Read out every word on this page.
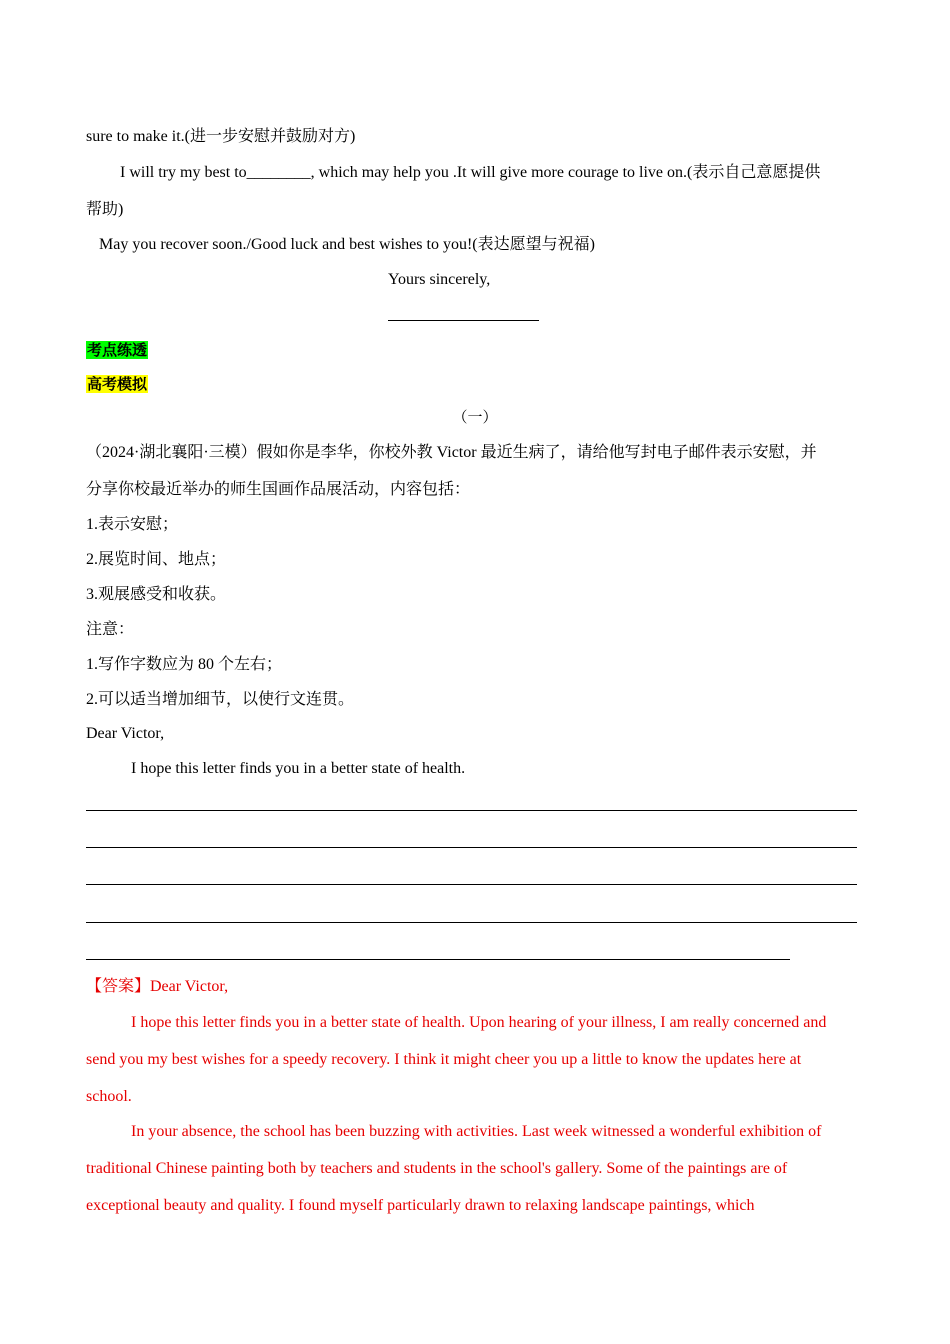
sure to make it.(进一步安慰并鼓励对方)
I will try my best to________, which may help you .It will give more courage to live on.(表示自己意愿提供
帮助)
May you recover soon./Good luck and best wishes to you!(表达愿望与祝福)
Yours sincerely,
考点练透
高考模拟
（一）
（2024·湖北襄阳·三模）假如你是李华，你校外教 Victor 最近生病了，请给他写封电子邮件表示安慰，并
分享你校最近举办的师生国画作品展活动，内容包括：
1.表示安慰；
2.展览时间、地点；
3.观展感受和收获。
注意：
1.写作字数应为 80 个左右；
2.可以适当增加细节，以使行文连贯。
Dear Victor,
I hope this letter finds you in a better state of health.
【答案】Dear Victor,
I hope this letter finds you in a better state of health. Upon hearing of your illness, I am really concerned and
send you my best wishes for a speedy recovery. I think it might cheer you up a little to know the updates here at
school.
In your absence, the school has been buzzing with activities. Last week witnessed a wonderful exhibition of
traditional Chinese painting both by teachers and students in the school's gallery. Some of the paintings are of
exceptional beauty and quality. I found myself particularly drawn to relaxing landscape paintings, which
